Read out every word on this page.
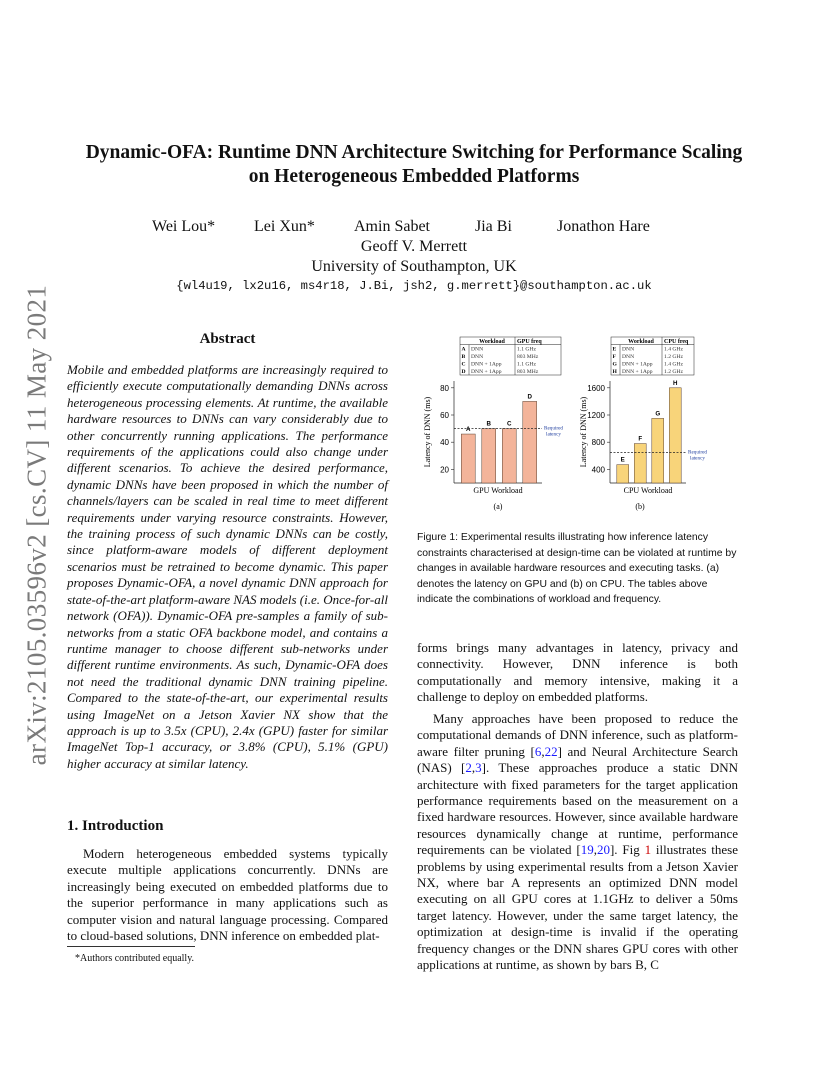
arXiv:2105.03596v2 [cs.CV] 11 May 2021
Dynamic-OFA: Runtime DNN Architecture Switching for Performance Scaling
on Heterogeneous Embedded Platforms
Wei Lou* Lei Xun* Amin Sabet	Jia Bi	Jonathon Hare
Geoff V. Merrett
University of Southampton, UK
{wl4u19, lx2u16, ms4r18, J.Bi, jsh2, g.merrett}@southampton.ac.uk
Abstract

Mobile and embedded platforms are increasingly required to efficiently execute computationally demanding DNNs across heterogeneous processing elements. At runtime, the available hardware resources to DNNs can vary considerably due to other concurrently running applications. The performance requirements of the applications could also change under different scenarios. To achieve the desired performance, dynamic DNNs have been proposed in which the number of channels/layers can be scaled in real time to meet different requirements under varying resource constraints. However, the training process of such dynamic DNNs can be costly, since platform-aware models of different deployment scenarios must be retrained to become dynamic. This paper proposes Dynamic-OFA, a novel dynamic DNN approach for state-of-the-art platform-aware NAS models (i.e. Once-for-all network (OFA)). Dynamic-OFA pre-samples a family of sub-networks from a static OFA backbone model, and contains a runtime manager to choose different sub-networks under different runtime environments. As such, Dynamic-OFA does not need the traditional dynamic DNN training pipeline. Compared to the state-of-the-art, our experimental results using ImageNet on a Jetson Xavier NX show that the approach is up to 3.5x (CPU), 2.4x (GPU) faster for similar ImageNet Top-1 accuracy, or 3.8% (CPU), 5.1% (GPU) higher accuracy at similar latency.

1. Introduction

Modern heterogeneous embedded systems typically execute multiple applications concurrently. DNNs are increasingly being executed on embedded platforms due to the superior performance in many applications such as computer vision and natural language processing. Compared to cloud-based solutions, DNN inference on embedded plat-

*Authors contributed equally.
Workload GPU freq
A DNN	1.1 GHz
B DNN	803 MHz
C DNN + 1App	1.1 GHz
D DNN + 1App	803 MHz
20
40
60
80
Latency of DNN (ms)	A
B	C
D
Required
latency
GPU Workload
(a)
Workload CPU freq
E DNN	1.4 GHz
F DNN	1.2 GHz
G DNN + 1App 1.4 GHz
H DNN + 1App 1.2 GHz
400
800
1200
1600
Latency of DNN (ms)	E
F
G
H
Required
latency
CPU Workload
(b)

Figure 1: Experimental results illustrating how inference latency constraints characterised at design-time can be violated at runtime by changes in available hardware resources and executing tasks. (a) denotes the latency on GPU and (b) on CPU. The tables above indicate the combinations of workload and frequency.

forms brings many advantages in latency, privacy and connectivity. However, DNN inference is both computationally and memory intensive, making it a challenge to deploy on embedded platforms.

Many approaches have been proposed to reduce the computational demands of DNN inference, such as platform-aware filter pruning [6,22] and Neural Architecture Search (NAS) [2,3]. These approaches produce a static DNN architecture with fixed parameters for the target application performance requirements based on the measurement on a fixed hardware resources. However, since available hardware resources dynamically change at runtime, performance requirements can be violated [19,20]. Fig 1 illustrates these problems by using experimental results from a Jetson Xavier NX, where bar A represents an optimized DNN model executing on all GPU cores at 1.1GHz to deliver a 50ms target latency. However, under the same target latency, the optimization at design-time is invalid if the operating frequency changes or the DNN shares GPU cores with other applications at runtime, as shown by bars B, C
